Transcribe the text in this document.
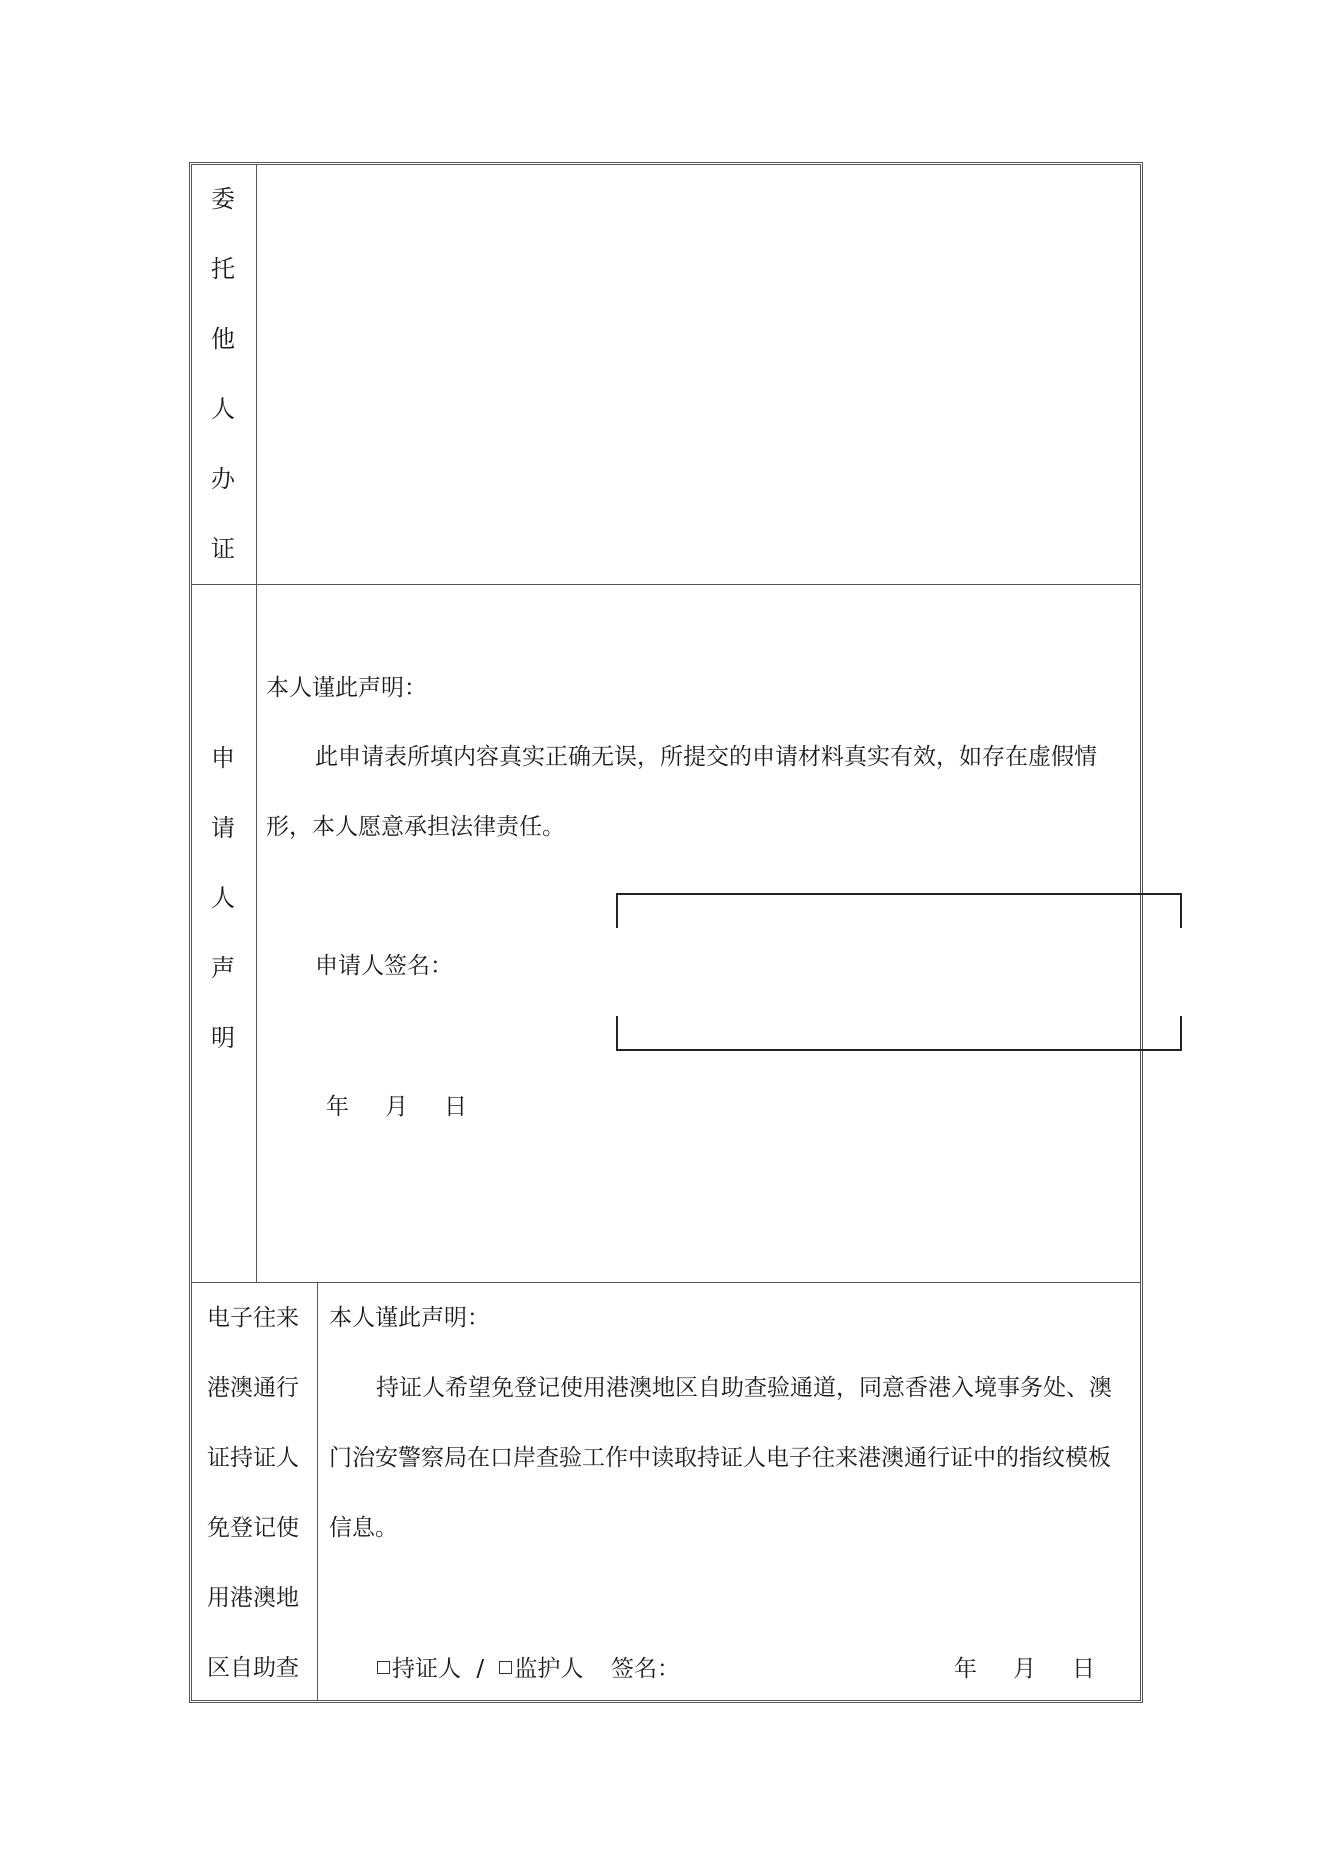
委
托
他
人
办
证
申
请
人
声
明
本人谨此声明：
此申请表所填内容真实正确无误，所提交的申请材料真实有效，如存在虚假情
形，本人愿意承担法律责任。
申请人签名：
年 月 日
电子往来
港澳通行
证持证人
免登记使
用港澳地
区自助查
本人谨此声明：
持证人希望免登记使用港澳地区自助查验通道，同意香港入境事务处、澳
门治安警察局在口岸查验工作中读取持证人电子往来港澳通行证中的指纹模板
信息。
持证人 / 监护人 签名：	年 月 日
